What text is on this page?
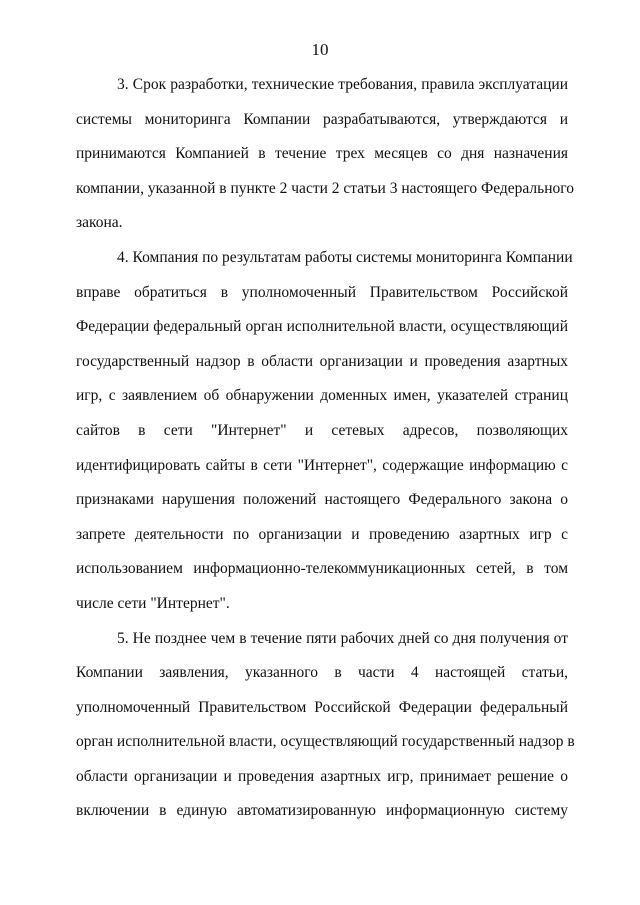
10

3. Срок разработки, технические требования, правила эксплуатации
системы мониторинга Компании разрабатываются, утверждаются и
принимаются Компанией в течение трех месяцев со дня назначения
компании, указанной в пункте 2 части 2 статьи 3 настоящего Федерального
закона.

4. Компания по результатам работы системы мониторинга Компании
вправе обратиться в уполномоченный Правительством Российской
Федерации федеральный орган исполнительной власти, осуществляющий
государственный надзор в области организации и проведения азартных
игр, с заявлением об обнаружении доменных имен, указателей страниц
сайтов в сети "Интернет" и сетевых адресов, позволяющих
идентифицировать сайты в сети "Интернет", содержащие информацию с
признаками нарушения положений настоящего Федерального закона о
запрете деятельности по организации и проведению азартных игр с
использованием информационно-телекоммуникационных сетей, в том
числе сети "Интернет".

5. Не позднее чем в течение пяти рабочих дней со дня получения от
Компании заявления, указанного в части 4 настоящей статьи,
уполномоченный Правительством Российской Федерации федеральный
орган исполнительной власти, осуществляющий государственный надзор в
области организации и проведения азартных игр, принимает решение о
включении в единую автоматизированную информационную систему
